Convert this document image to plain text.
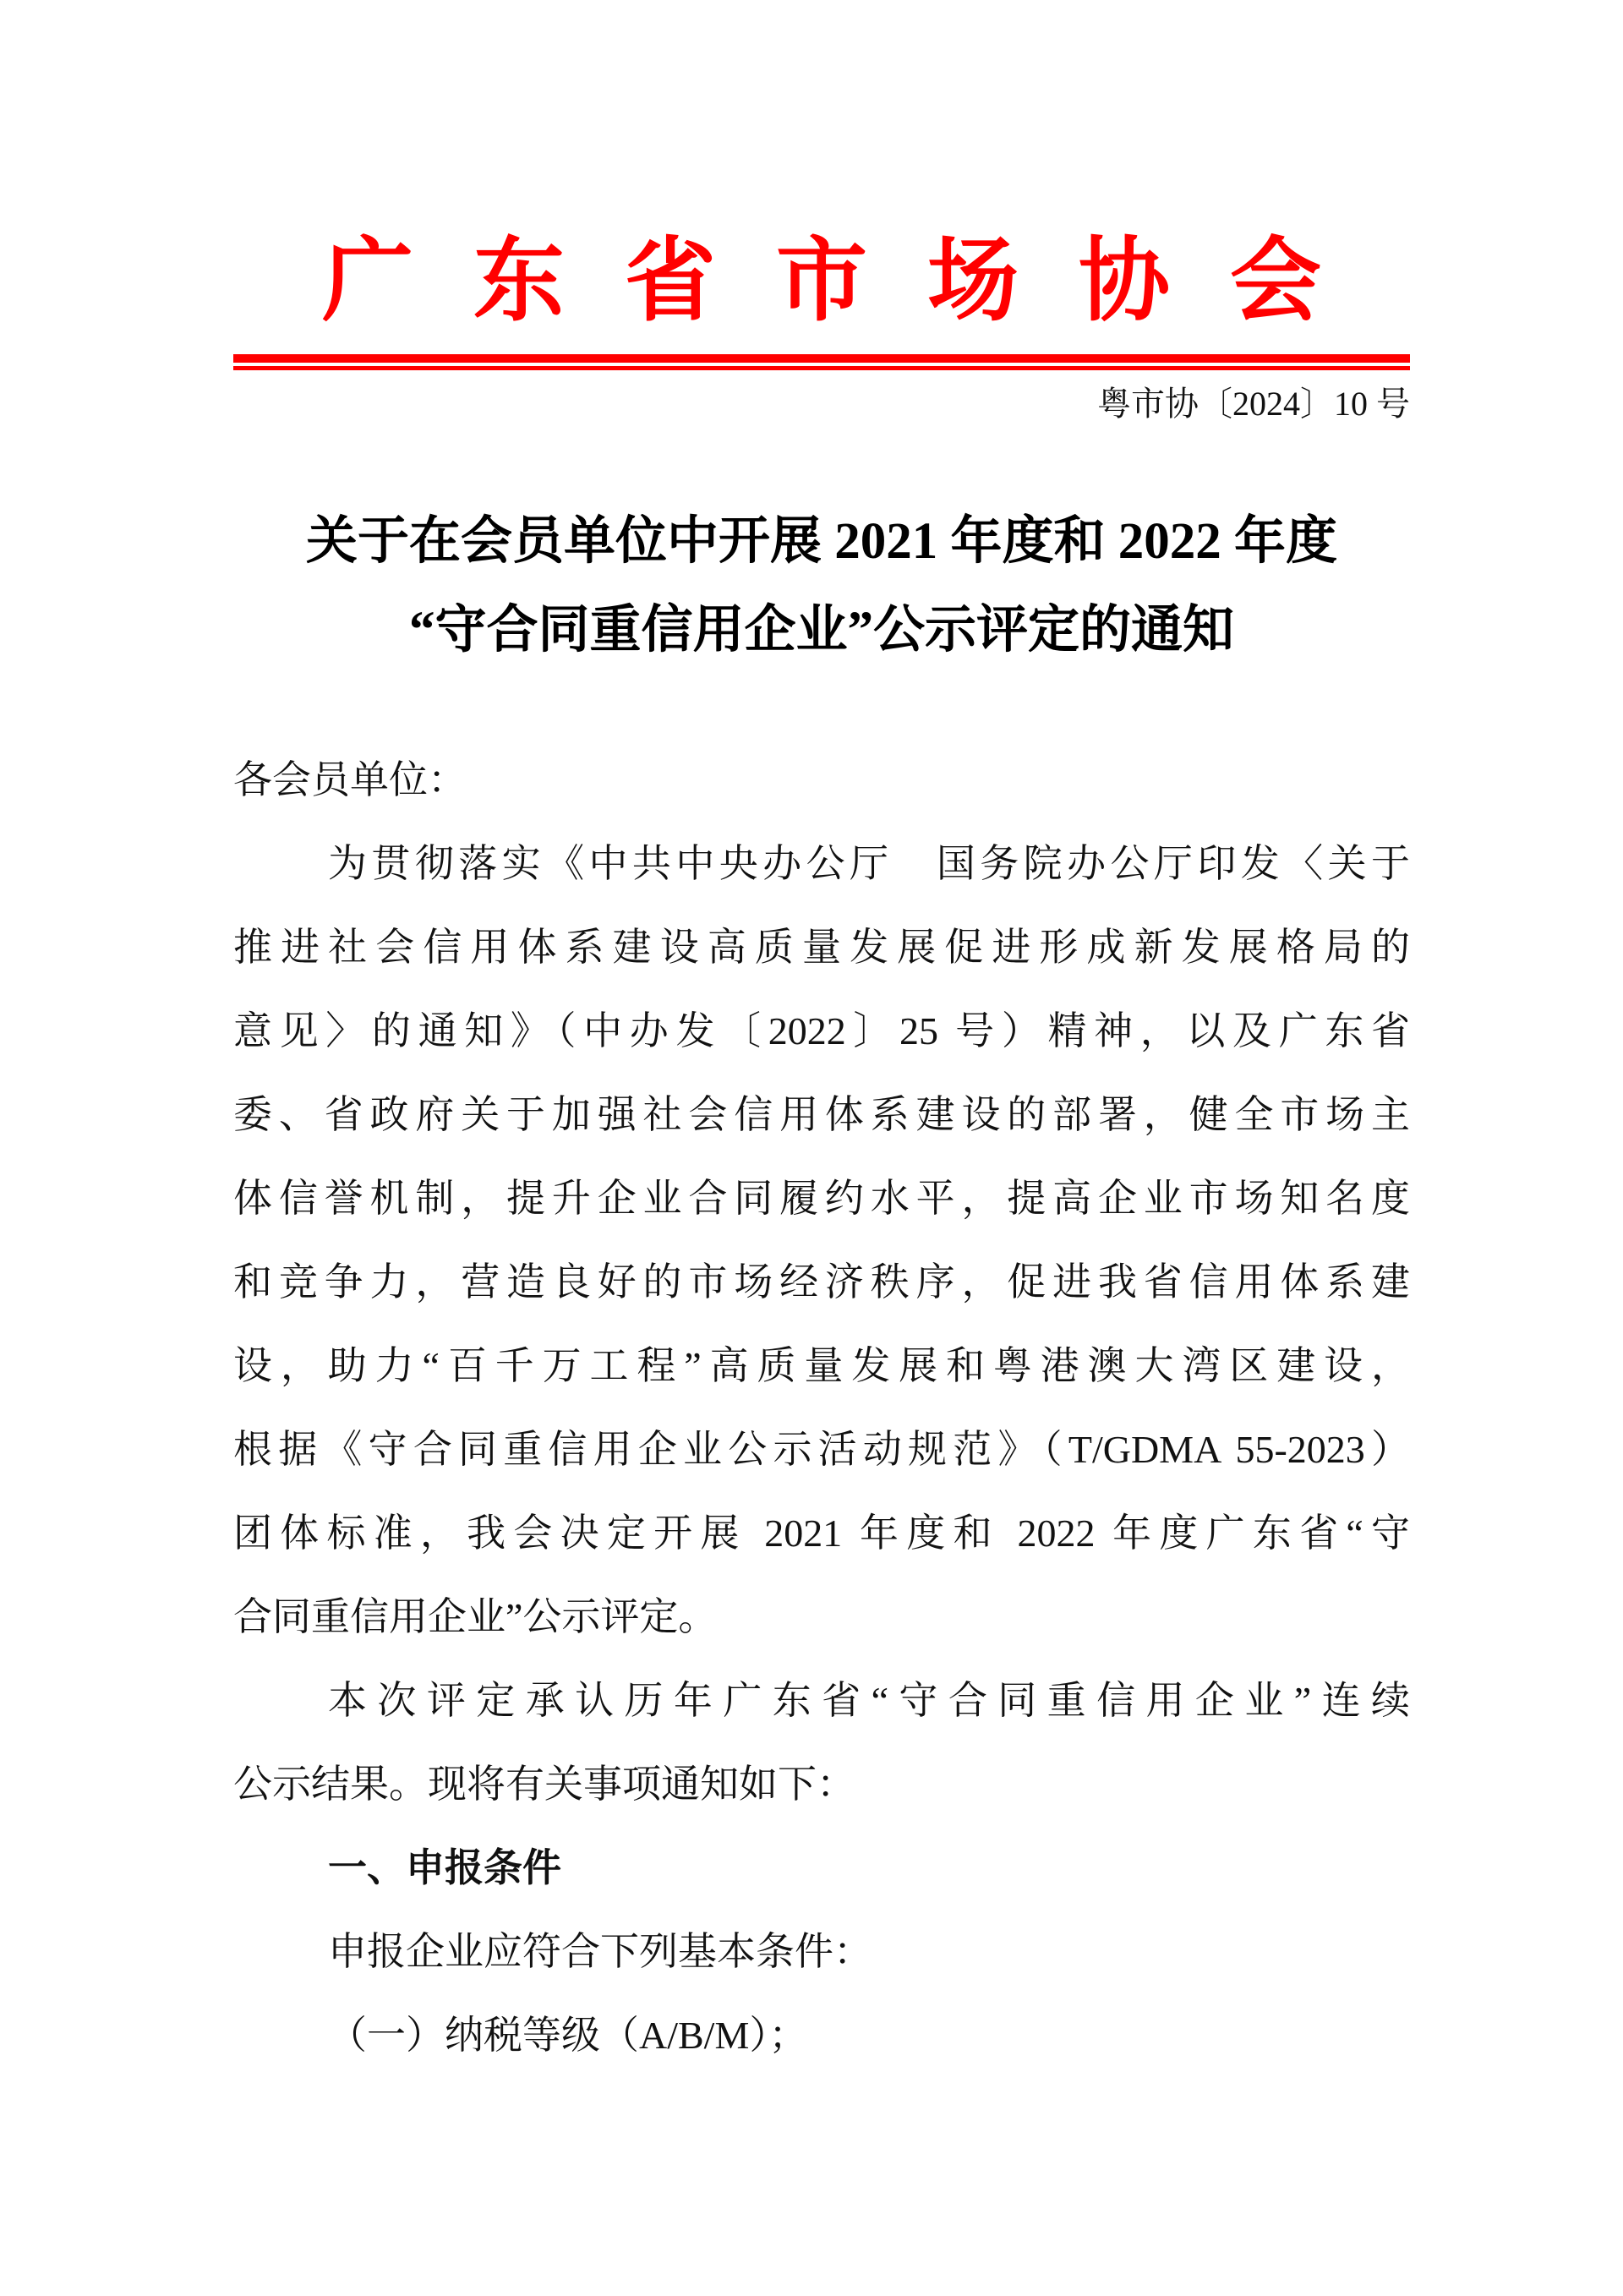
广东省市场协会
粤市协〔2024〕10 号
关于在会员单位中开展 2021 年度和 2022 年度
“守合同重信用企业”公示评定的通知
各会员单位：
为贯彻落实《中共中央办公厅　国务院办公厅印发〈关于
推进社会信用体系建设高质量发展促进形成新发展格局的
意见〉的通知》（中办发〔2022〕25 号）精神，以及广东省
委、省政府关于加强社会信用体系建设的部署，健全市场主
体信誉机制，提升企业合同履约水平，提高企业市场知名度
和竞争力，营造良好的市场经济秩序，促进我省信用体系建
设，助力“百千万工程”高质量发展和粤港澳大湾区建设，
根据《守合同重信用企业公示活动规范》（T/GDMA 55-2023）
团体标准，我会决定开展 2021 年度和 2022 年度广东省“守
合同重信用企业”公示评定。
本次评定承认历年广东省“守合同重信用企业”连续
公示结果。现将有关事项通知如下：
一、申报条件
申报企业应符合下列基本条件：
（一）纳税等级（A/B/M）；
